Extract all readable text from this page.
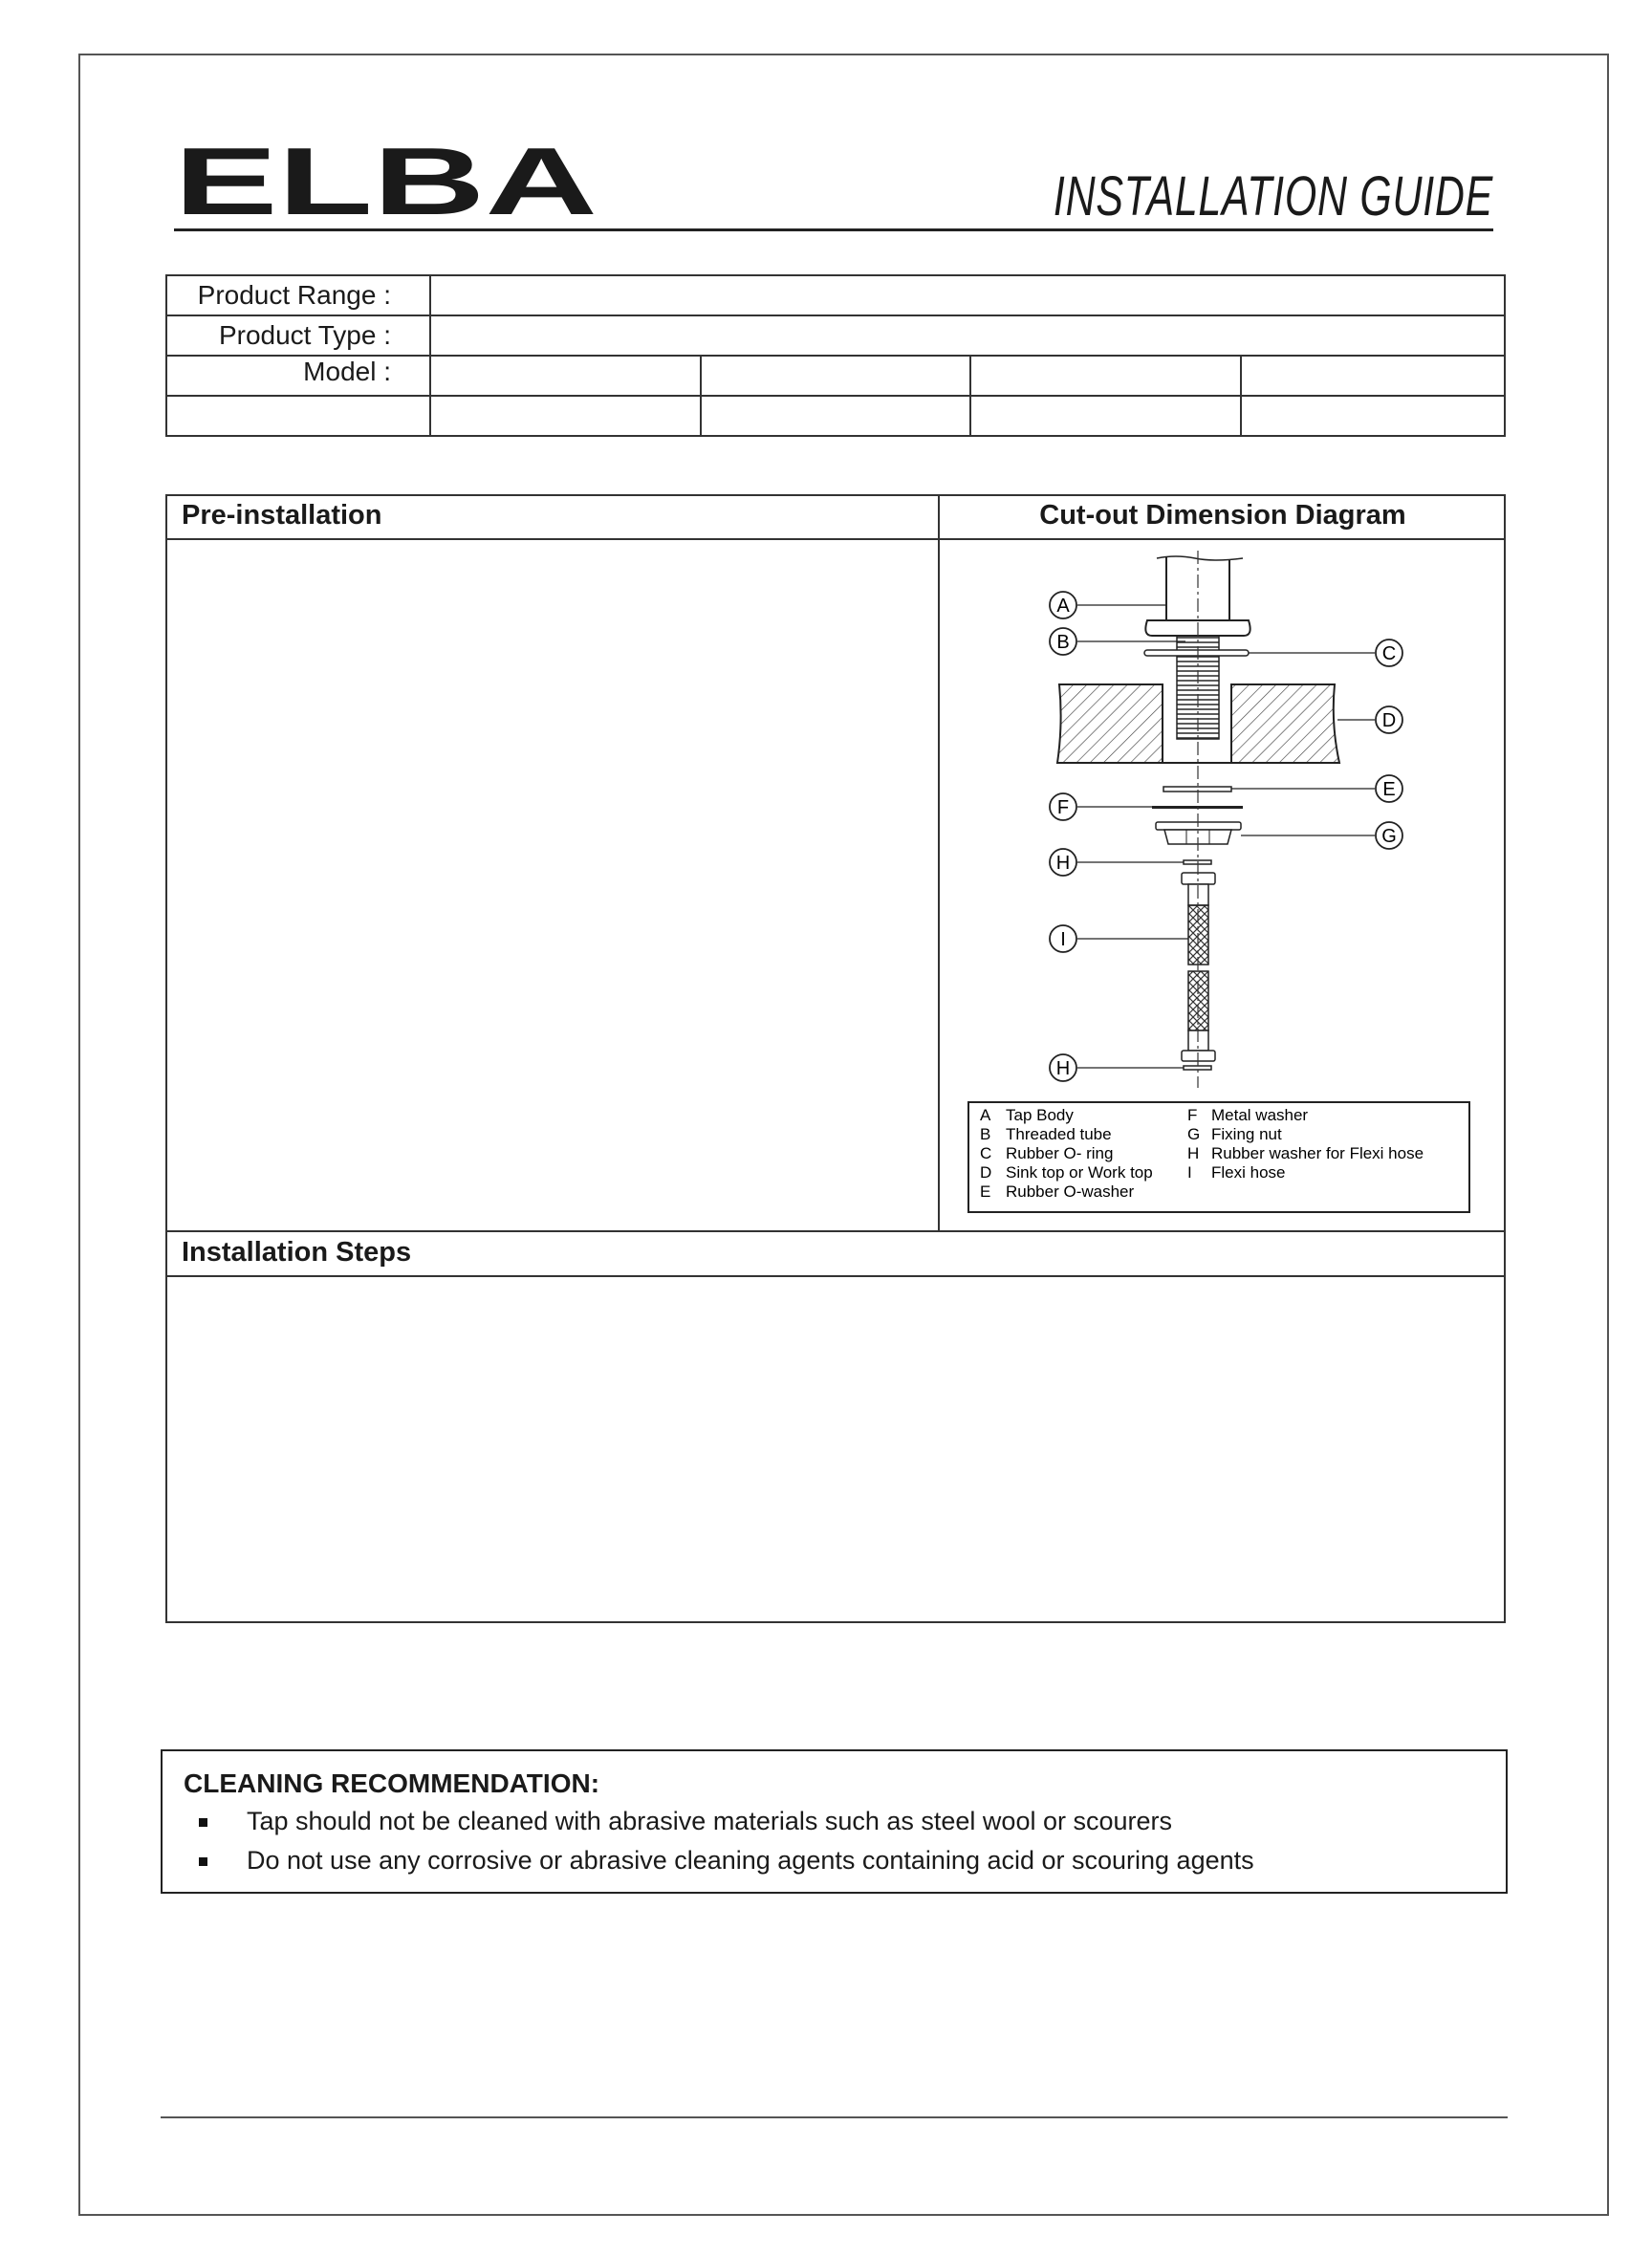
ELBA	INSTALLATION GUIDE
Product Range :				
Product Type :				
Model :				

Pre-installation	Cut-out Dimension Diagram
Installation Steps
A
B
C
D
E
F
G
H
I
H
A Tap Body
B Threaded tube
C Rubber O- ring
D Sink top or Work top
E Rubber O-washer
F Metal washer
G Fixing nut
H Rubber washer for Flexi hose
I Flexi hose
CLEANING RECOMMENDATION:
Tap should not be cleaned with abrasive materials such as steel wool or scourers
Do not use any corrosive or abrasive cleaning agents containing acid or scouring agents
